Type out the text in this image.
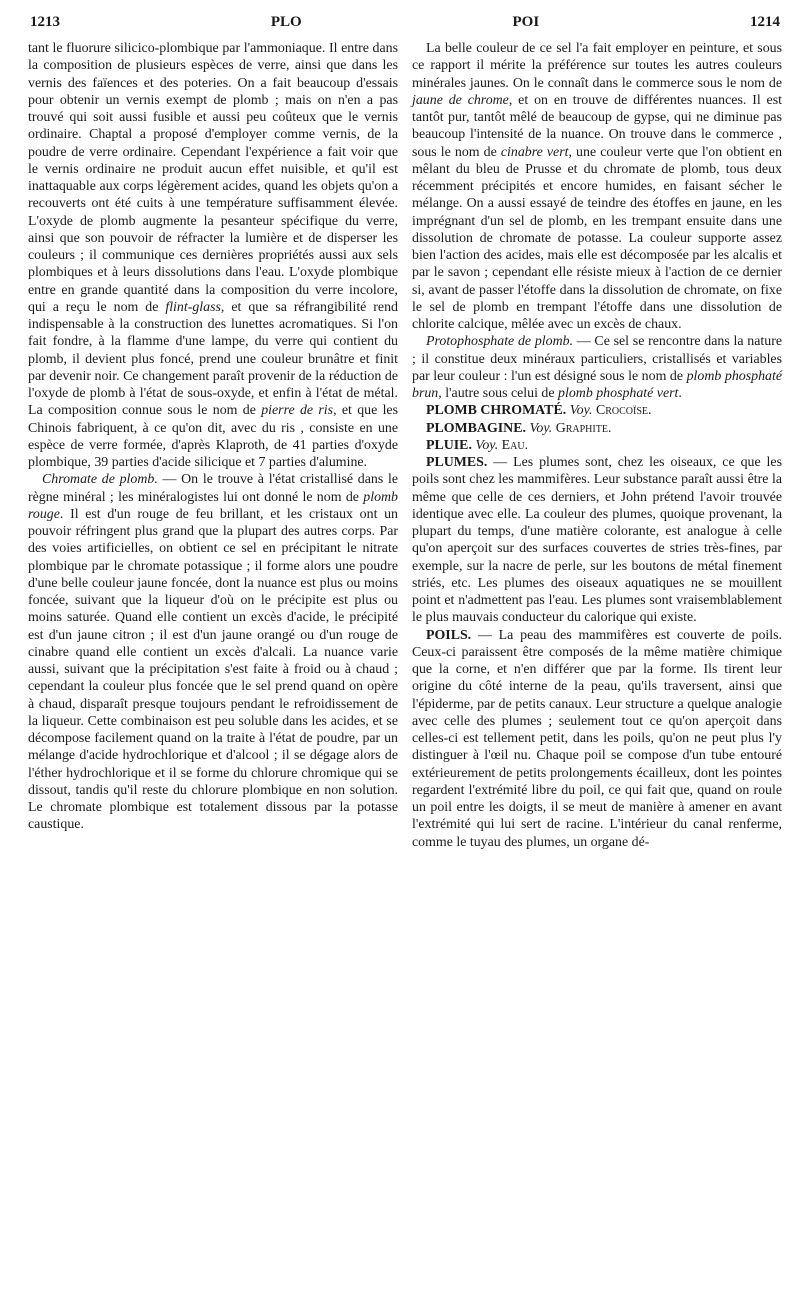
1213	PLO	POI	1214

tant le fluorure silicico-plombique par l'ammoniaque. Il entre dans la composition de plusieurs espèces de verre, ainsi que dans les vernis des faïences et des poteries. On a fait beaucoup d'essais pour obtenir un vernis exempt de plomb ; mais on n'en a pas trouvé qui soit aussi fusible et aussi peu coûteux que le vernis ordinaire. Chaptal a proposé d'employer comme vernis, de la poudre de verre ordinaire. Cependant l'expérience a fait voir que le vernis ordinaire ne produit aucun effet nuisible, et qu'il est inattaquable aux corps légèrement acides, quand les objets qu'on a recouverts ont été cuits à une température suffisamment élevée. L'oxyde de plomb augmente la pesanteur spécifique du verre, ainsi que son pouvoir de réfracter la lumière et de disperser les couleurs ; il communique ces dernières propriétés aussi aux sels plombiques et à leurs dissolutions dans l'eau. L'oxyde plombique entre en grande quantité dans la composition du verre incolore, qui a reçu le nom de flint-glass, et que sa réfrangibilité rend indispensable à la construction des lunettes acromatiques. Si l'on fait fondre, à la flamme d'une lampe, du verre qui contient du plomb, il devient plus foncé, prend une couleur brunâtre et finit par devenir noir. Ce changement paraît provenir de la réduction de l'oxyde de plomb à l'état de sous-oxyde, et enfin à l'état de métal. La composition connue sous le nom de pierre de ris, et que les Chinois fabriquent, à ce qu'on dit, avec du ris , consiste en une espèce de verre formée, d'après Klaproth, de 41 parties d'oxyde plombique, 39 parties d'acide silicique et 7 parties d'alumine.

Chromate de plomb. — On le trouve à l'état cristallisé dans le règne minéral ; les minéralogistes lui ont donné le nom de plomb rouge. Il est d'un rouge de feu brillant, et les cristaux ont un pouvoir réfringent plus grand que la plupart des autres corps. Par des voies artificielles, on obtient ce sel en précipitant le nitrate plombique par le chromate potassique ; il forme alors une poudre d'une belle couleur jaune foncée, dont la nuance est plus ou moins foncée, suivant que la liqueur d'où on le précipite est plus ou moins saturée. Quand elle contient un excès d'acide, le précipité est d'un jaune citron ; il est d'un jaune orangé ou d'un rouge de cinabre quand elle contient un excès d'alcali. La nuance varie aussi, suivant que la précipitation s'est faite à froid ou à chaud ; cependant la couleur plus foncée que le sel prend quand on opère à chaud, disparaît presque toujours pendant le refroidissement de la liqueur. Cette combinaison est peu soluble dans les acides, et se décompose facilement quand on la traite à l'état de poudre, par un mélange d'acide hydrochlorique et d'alcool ; il se dégage alors de l'éther hydrochlorique et il se forme du chlorure chromique qui se dissout, tandis qu'il reste du chlorure plombique en non solution. Le chromate plombique est totalement dissous par la potasse caustique.

La belle couleur de ce sel l'a fait employer en peinture, et sous ce rapport il mérite la préférence sur toutes les autres couleurs minérales jaunes. On le connaît dans le commerce sous le nom de jaune de chrome, et on en trouve de différentes nuances. Il est tantôt pur, tantôt mêlé de beaucoup de gypse, qui ne diminue pas beaucoup l'intensité de la nuance. On trouve dans le commerce , sous le nom de cinabre vert, une couleur verte que l'on obtient en mêlant du bleu de Prusse et du chromate de plomb, tous deux récemment précipités et encore humides, en faisant sécher le mélange. On a aussi essayé de teindre des étoffes en jaune, en les imprégnant d'un sel de plomb, en les trempant ensuite dans une dissolution de chromate de potasse. La couleur supporte assez bien l'action des acides, mais elle est décomposée par les alcalis et par le savon ; cependant elle résiste mieux à l'action de ce dernier si, avant de passer l'étoffe dans la dissolution de chromate, on fixe le sel de plomb en trempant l'étoffe dans une dissolution de chlorite calcique, mêlée avec un excès de chaux.

Protophosphate de plomb. — Ce sel se rencontre dans la nature ; il constitue deux minéraux particuliers, cristallisés et variables par leur couleur : l'un est désigné sous le nom de plomb phosphaté brun, l'autre sous celui de plomb phosphaté vert.

PLOMB CHROMATÉ. Voy. Crocoïse.

PLOMBAGINE. Voy. Graphite.

PLUIE. Voy. Eau.

PLUMES. — Les plumes sont, chez les oiseaux, ce que les poils sont chez les mammifères. Leur substance paraît aussi être la même que celle de ces derniers, et John prétend l'avoir trouvée identique avec elle. La couleur des plumes, quoique provenant, la plupart du temps, d'une matière colorante, est analogue à celle qu'on aperçoit sur des surfaces couvertes de stries très-fines, par exemple, sur la nacre de perle, sur les boutons de métal finement striés, etc. Les plumes des oiseaux aquatiques ne se mouillent point et n'admettent pas l'eau. Les plumes sont vraisemblablement le plus mauvais conducteur du calorique qui existe.

POILS. — La peau des mammifères est couverte de poils. Ceux-ci paraissent être composés de la même matière chimique que la corne, et n'en différer que par la forme. Ils tirent leur origine du côté interne de la peau, qu'ils traversent, ainsi que l'épiderme, par de petits canaux. Leur structure a quelque analogie avec celle des plumes ; seulement tout ce qu'on aperçoit dans celles-ci est tellement petit, dans les poils, qu'on ne peut plus l'y distinguer à l'œil nu. Chaque poil se compose d'un tube entouré extérieurement de petits prolongements écailleux, dont les pointes regardent l'extrémité libre du poil, ce qui fait que, quand on roule un poil entre les doigts, il se meut de manière à amener en avant l'extrémité qui lui sert de racine. L'intérieur du canal renferme, comme le tuyau des plumes, un organe dé-
